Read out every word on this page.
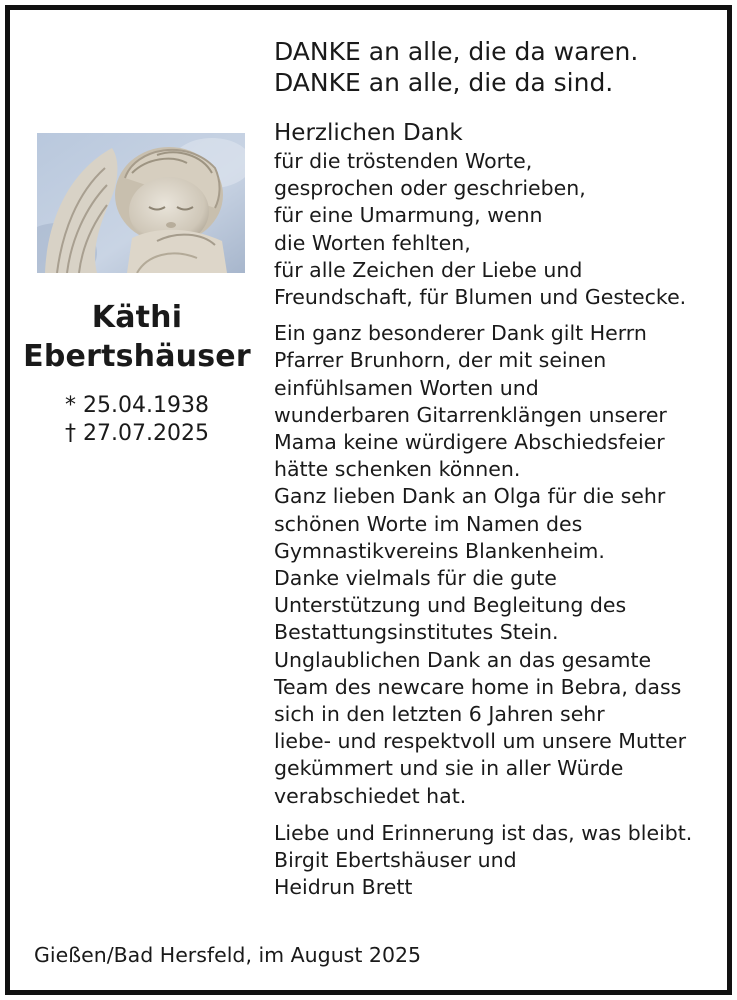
Käthi
Ebertshäuser
* 25.04.1938
† 27.07.2025
DANKE an alle, die da waren.
DANKE an alle, die da sind.
Herzlichen Dank
für die tröstenden Worte,
gesprochen oder geschrieben,
für eine Umarmung, wenn
die Worten fehlten,
für alle Zeichen der Liebe und
Freundschaft, für Blumen und Gestecke.
Ein ganz besonderer Dank gilt Herrn
Pfarrer Brunhorn, der mit seinen
einfühlsamen Worten und
wunderbaren Gitarrenklängen unserer
Mama keine würdigere Abschiedsfeier
hätte schenken können.
Ganz lieben Dank an Olga für die sehr
schönen Worte im Namen des
Gymnastikvereins Blankenheim.
Danke vielmals für die gute
Unterstützung und Begleitung des
Bestattungsinstitutes Stein.
Unglaublichen Dank an das gesamte
Team des newcare home in Bebra, dass
sich in den letzten 6 Jahren sehr
liebe- und respektvoll um unsere Mutter
gekümmert und sie in aller Würde
verabschiedet hat.
Liebe und Erinnerung ist das, was bleibt.
Birgit Ebertshäuser und
Heidrun Brett
Gießen/Bad Hersfeld, im August 2025
